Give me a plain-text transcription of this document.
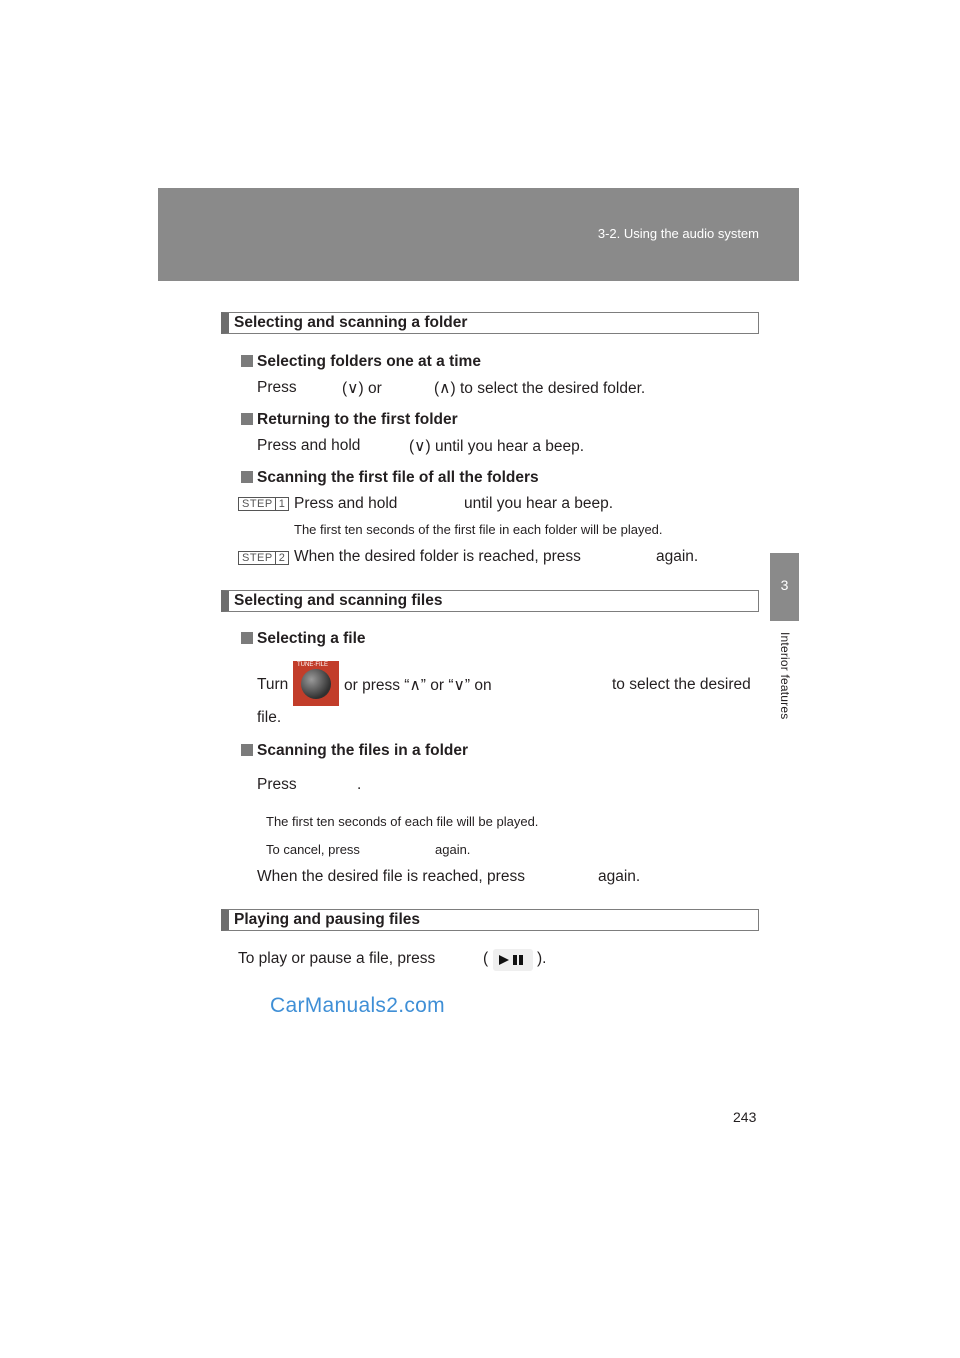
3-2. Using the audio system
3
Interior features
Selecting and scanning a folder
Selecting folders one at a time
Press	(∨) or	(∧) to select the desired folder.
Returning to the first folder
Press and hold	(∨) until you hear a beep.
Scanning the first file of all the folders
STEP 1 Press and hold	until you hear a beep.
The first ten seconds of the first file in each folder will be played.
STEP 2 When the desired folder is reached, press	again.
Selecting and scanning files
Selecting a file
Turn
TUNE·FILE
or press “∧” or “∨” on	to select the desired
file.
Scanning the files in a folder
Press	.
The first ten seconds of each file will be played.
To cancel, press	again.
When the desired file is reached, press	again.
Playing and pausing files
To play or pause a file, press	(	).
CarManuals2.com
243
